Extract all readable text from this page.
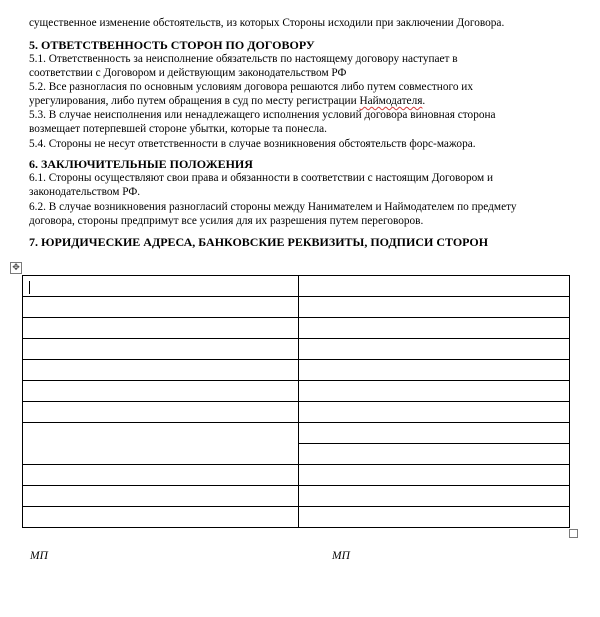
существенное изменение обстоятельств, из которых Стороны исходили при заключении Договора.
5. ОТВЕТСТВЕННОСТЬ СТОРОН ПО ДОГОВОРУ
5.1. Ответственность за неисполнение обязательств по настоящему договору наступает в
соответствии с Договором и действующим законодательством РФ
5.2. Все разногласия по основным условиям договора решаются либо путем совместного их
урегулирования, либо путем обращения в суд по месту регистрации Наймодателя.
5.3. В случае неисполнения или ненадлежащего исполнения условий договора виновная сторона
возмещает потерпевшей стороне убытки, которые та понесла.
5.4. Стороны не несут ответственности в случае возникновения обстоятельств форс-мажора.
6. ЗАКЛЮЧИТЕЛЬНЫЕ ПОЛОЖЕНИЯ
6.1. Стороны осуществляют свои права и обязанности в соответствии с настоящим Договором и
законодательством РФ.
6.2. В случае возникновения разногласий стороны между Нанимателем и Наймодателем по предмету
договора, стороны предпримут все усилия для их разрешения путем переговоров.
7. ЮРИДИЧЕСКИЕ АДРЕСА, БАНКОВСКИЕ РЕКВИЗИТЫ, ПОДПИСИ СТОРОН
✥

МП	МП
